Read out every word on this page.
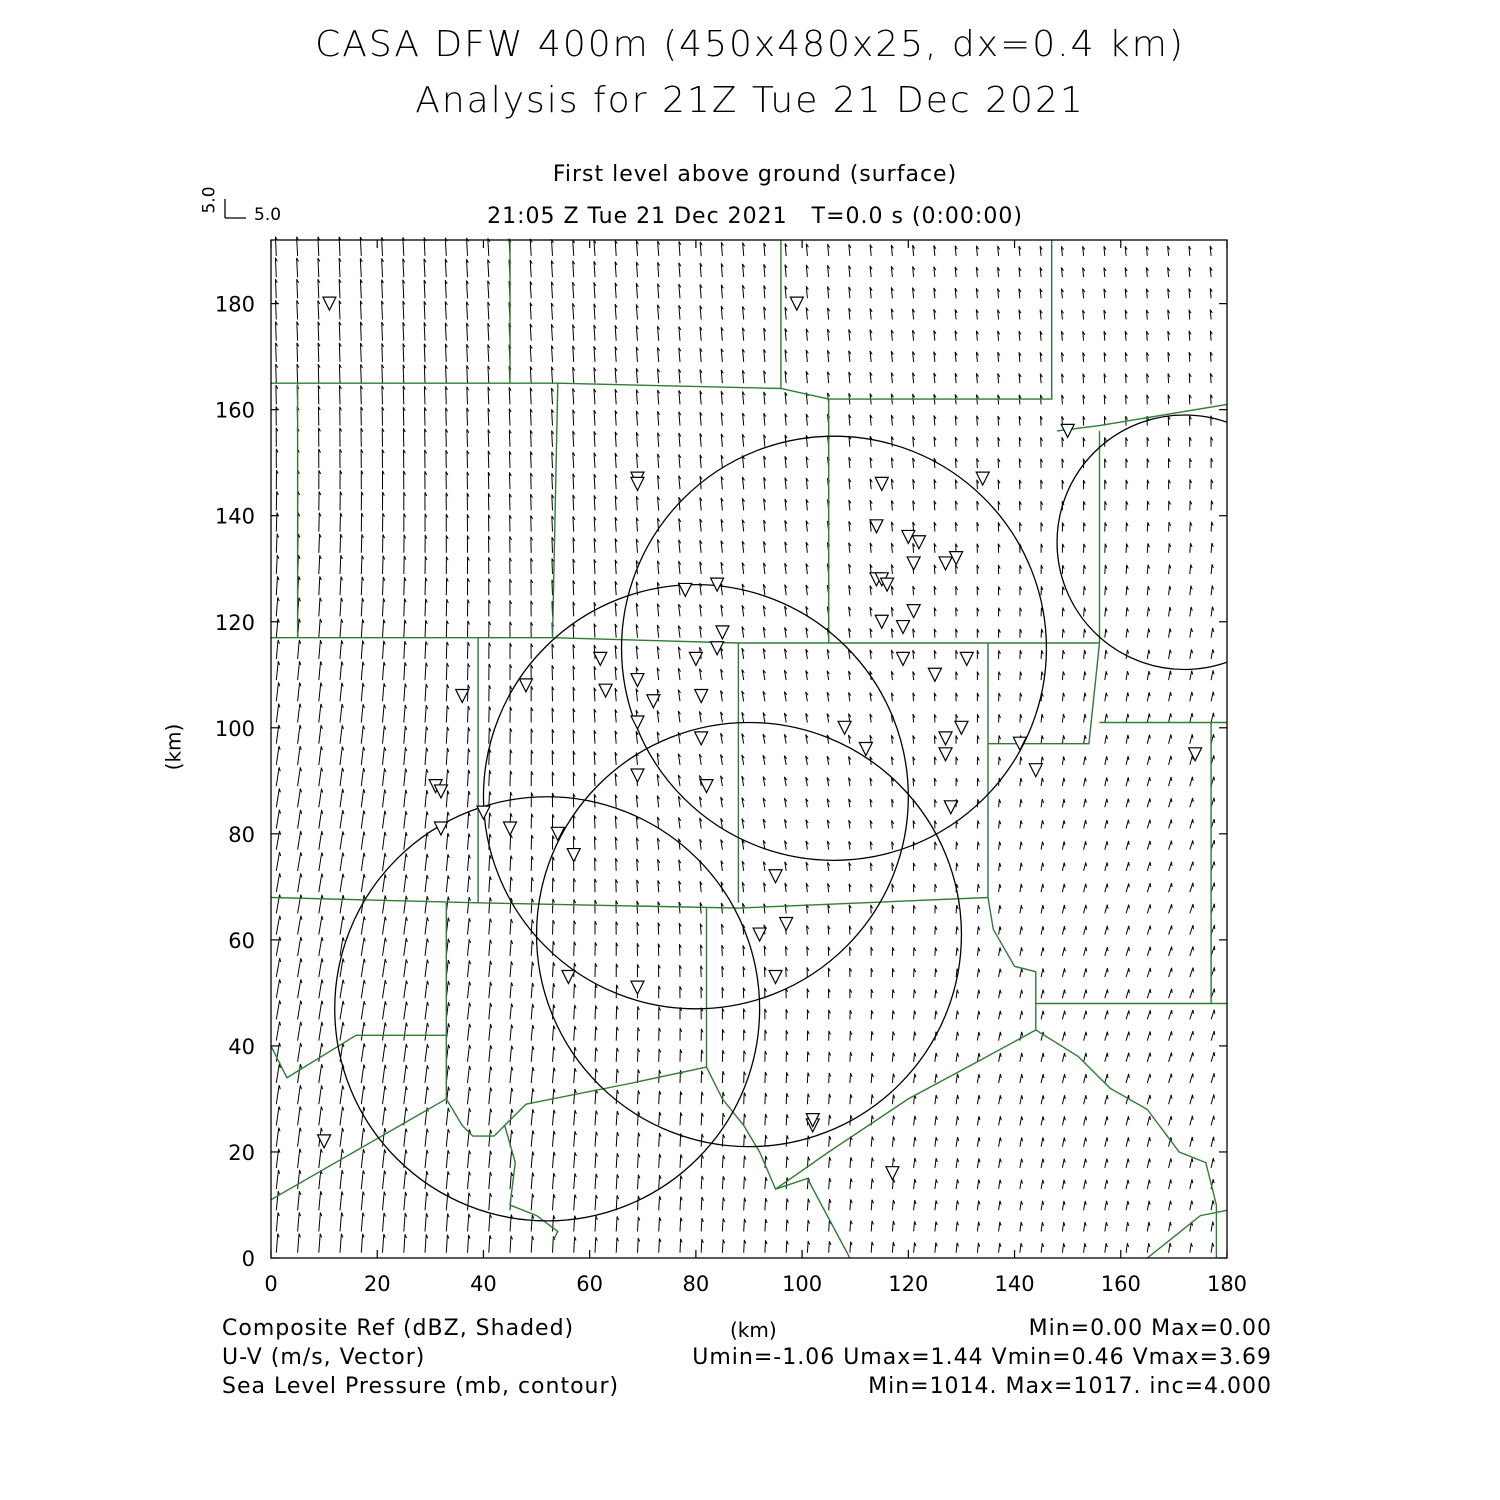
CASA DFW 400m (450x480x25, dx=0.4 km)
Analysis for 21Z Tue 21 Dec 2021
First level above ground (surface)
21:05 Z Tue 21 Dec 2021   T=0.0 s (0:00:00)
5.0
5.0
(km)
0	20	40	60	80	100	120	140	160	180
0
20
40
60
80
100
120
140
160
180
Composite Ref (dBZ, Shaded)
U-V (m/s, Vector)
Sea Level Pressure (mb, contour)
(km)	Min=0.00 Max=0.00
Umin=-1.06 Umax=1.44 Vmin=0.46 Vmax=3.69
Min=1014. Max=1017. inc=4.000
